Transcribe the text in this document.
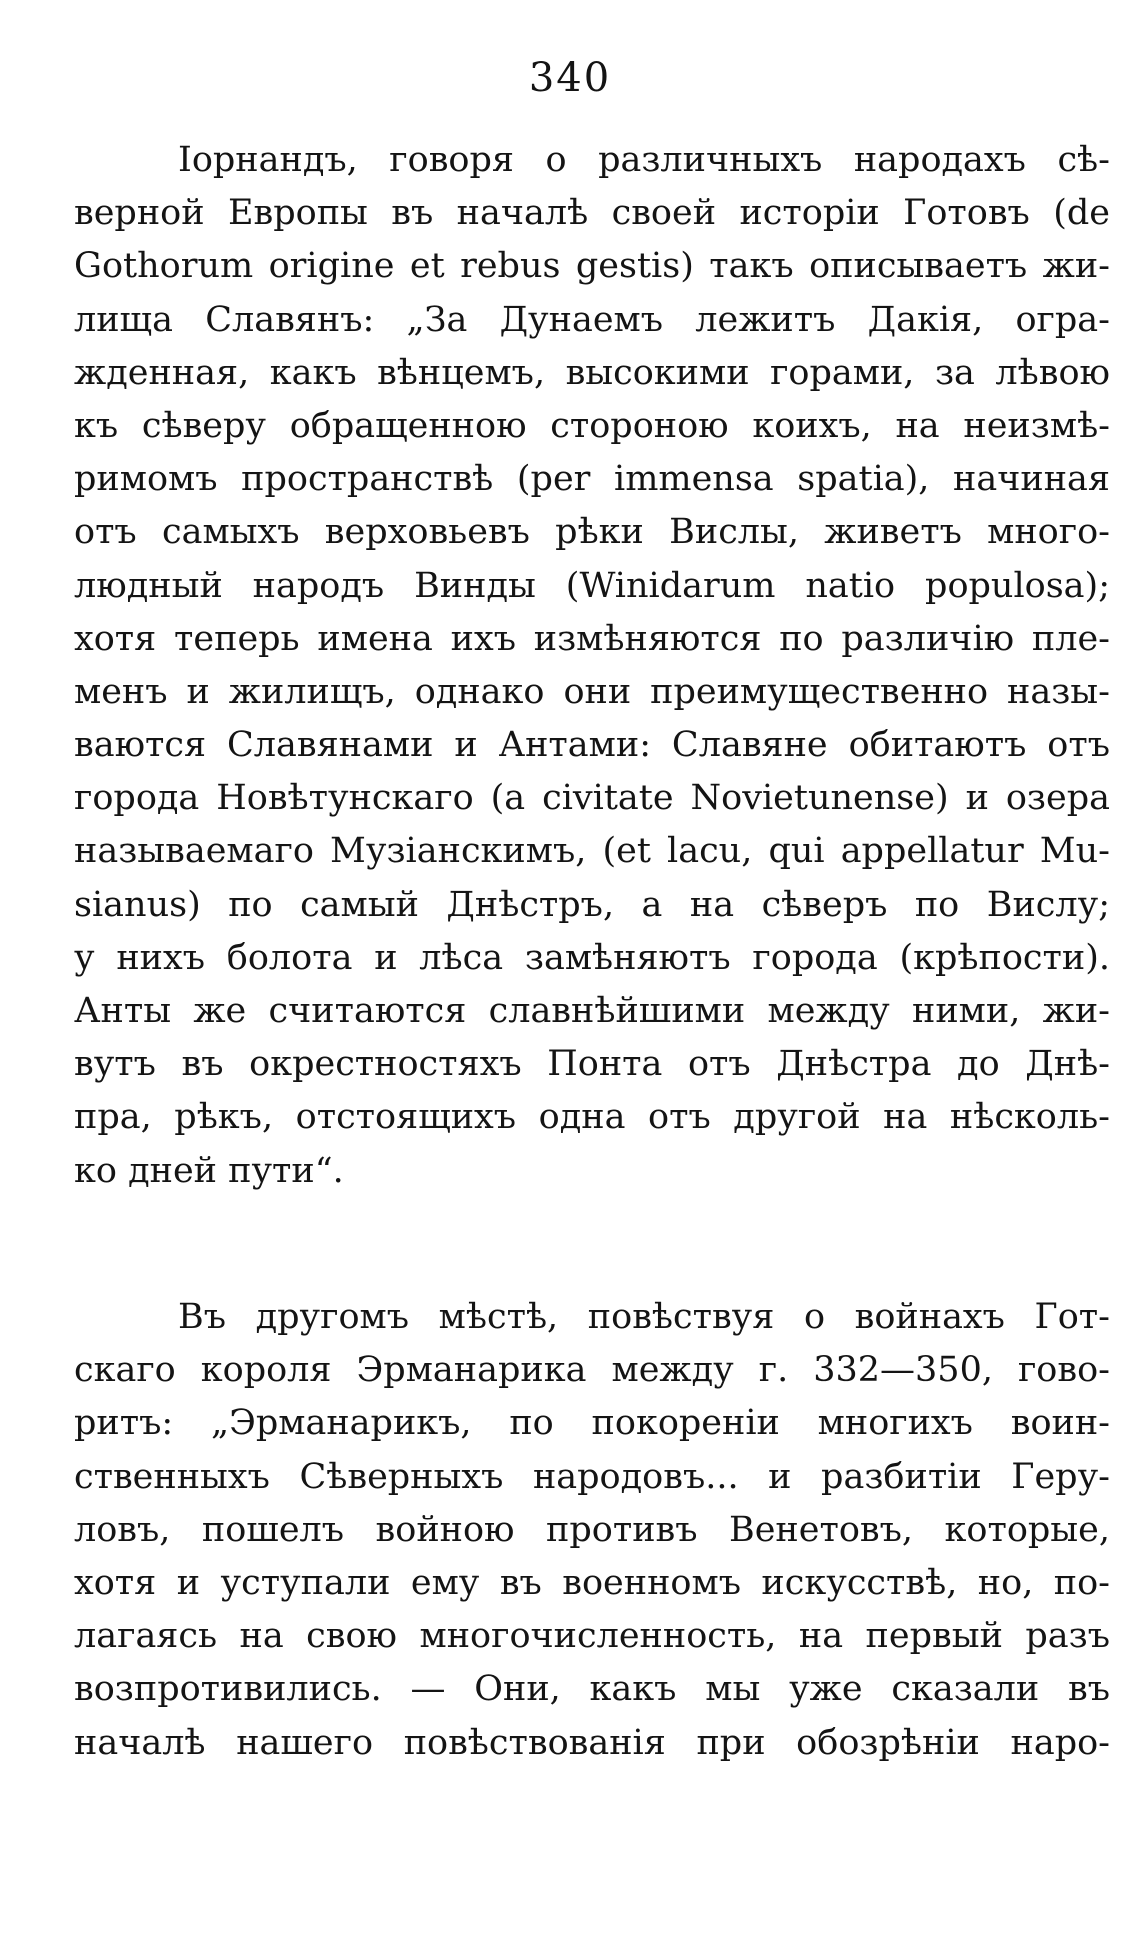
340
Іорнандъ, говоря о различныхъ народахъ сѣ-
верной Европы въ началѣ своей исторіи Готовъ (de
Gothorum origine et rebus gestis) такъ описываетъ жи-
лища Славянъ: „За Дунаемъ лежитъ Дакія, огра-
жденная, какъ вѣнцемъ, высокими горами, за лѣвою
къ сѣверу обращенною стороною коихъ, на неизмѣ-
римомъ пространствѣ (per immensa spatia), начиная
отъ самыхъ верховьевъ рѣки Вислы, живетъ много-
людный народъ Винды (Winidarum natio populosa);
хотя теперь имена ихъ измѣняются по различію пле-
менъ и жилищъ, однако они преимущественно назы-
ваются Славянами и Антами: Славяне обитаютъ отъ
города Новѣтунскаго (a civitate Novietunense) и озера
называемаго Музіанскимъ, (et lacu, qui appellatur Mu-
sianus) по самый Днѣстръ, а на сѣверъ по Вислу;
у нихъ болота и лѣса замѣняютъ города (крѣпости).
Анты же считаются славнѣйшими между ними, жи-
вутъ въ окрестностяхъ Понта отъ Днѣстра до Днѣ-
пра, рѣкъ, отстоящихъ одна отъ другой на нѣсколь-
ко дней пути“.
Въ другомъ мѣстѣ, повѣствуя о войнахъ Гот-
скаго короля Эрманарика между г. 332—350, гово-
ритъ: „Эрманарикъ, по покореніи многихъ воин-
ственныхъ Сѣверныхъ народовъ... и разбитіи Геру-
ловъ, пошелъ войною противъ Венетовъ, которые,
хотя и уступали ему въ военномъ искусствѣ, но, по-
лагаясь на свою многочисленность, на первый разъ
возпротивились. — Они, какъ мы уже сказали въ
началѣ нашего повѣствованія при обозрѣніи наро-
